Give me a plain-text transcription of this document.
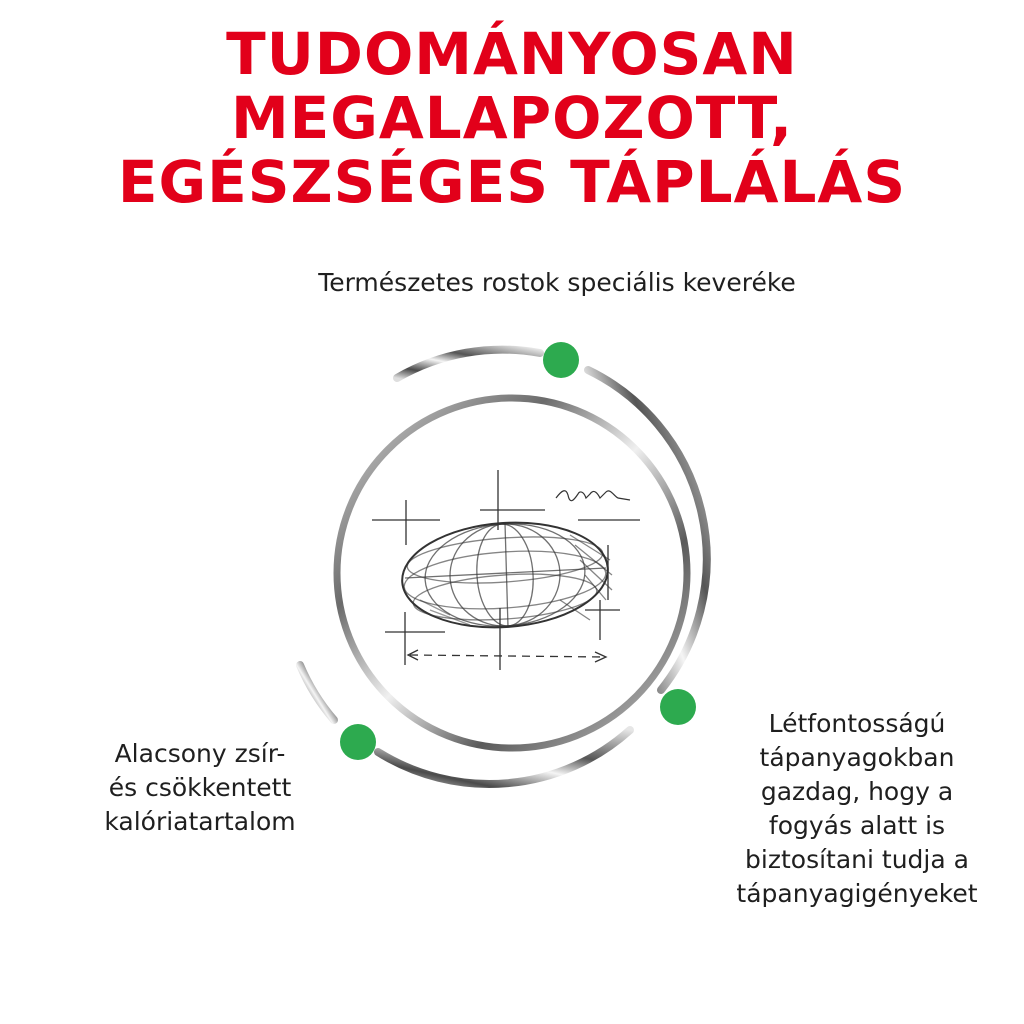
TUDOMÁNYOSAN MEGALAPOZOTT,
EGÉSZSÉGES TÁPLÁLÁS
Természetes rostok speciális keveréke
Alacsony zsír-
és csökkentett
kalóriatartalom
Létfontosságú
tápanyagokban
gazdag, hogy a
fogyás alatt is
biztosítani tudja a
tápanyagigényeket
